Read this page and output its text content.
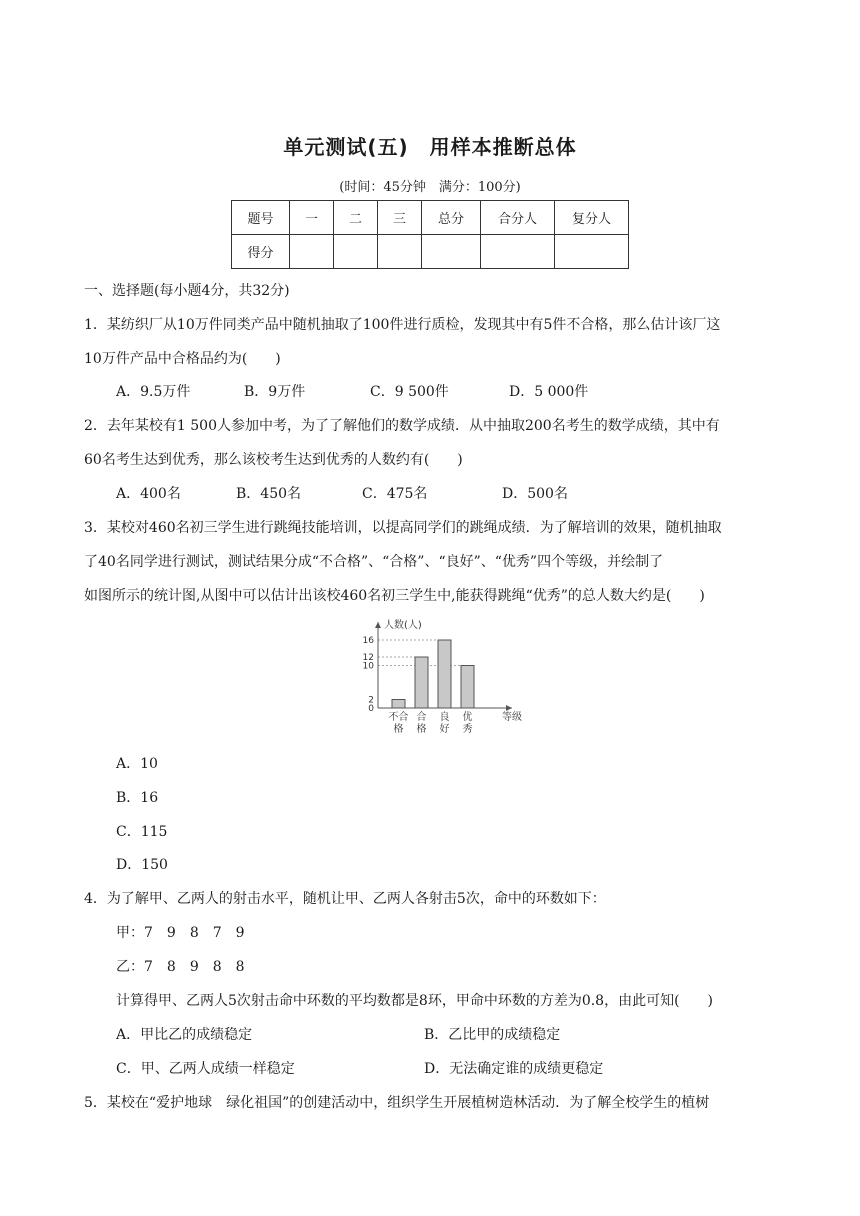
单元测试(五)　用样本推断总体
(时间：45分钟　满分：100分)
题号	一	二	三	总分	合分人	复分人
得分						
一、选择题(每小题4分，共32分)
1．某纺织厂从10万件同类产品中随机抽取了100件进行质检，发现其中有5件不合格，那么估计该厂这
10万件产品中合格品约为(　　)
A．9.5万件	B．9万件	C．9 500件	D．5 000件
2．去年某校有1 500人参加中考，为了了解他们的数学成绩．从中抽取200名考生的数学成绩，其中有
60名考生达到优秀，那么该校考生达到优秀的人数约有(　　)
A．400名	B．450名	C．475名	D．500名
3．某校对460名初三学生进行跳绳技能培训，以提高同学们的跳绳成绩．为了解培训的效果，随机抽取
了40名同学进行测试，测试结果分成“不合格”、“合格”、“良好”、“优秀”四个等级，并绘制了
如图所示的统计图,从图中可以估计出该校460名初三学生中,能获得跳绳“优秀”的总人数大约是(　　)
0
2
10
12
16
人数(人)
不合
格
合
格
良
好
优
秀
等级
A．10
B．16
C．115
D．150
4．为了解甲、乙两人的射击水平，随机让甲、乙两人各射击5次，命中的环数如下：
甲：7　9　8　7　9
乙：7　8　9　8　8
计算得甲、乙两人5次射击命中环数的平均数都是8环，甲命中环数的方差为0.8，由此可知(　　)
A．甲比乙的成绩稳定	B．乙比甲的成绩稳定
C．甲、乙两人成绩一样稳定	D．无法确定谁的成绩更稳定
5．某校在“爱护地球　绿化祖国”的创建活动中，组织学生开展植树造林活动．为了解全校学生的植树
